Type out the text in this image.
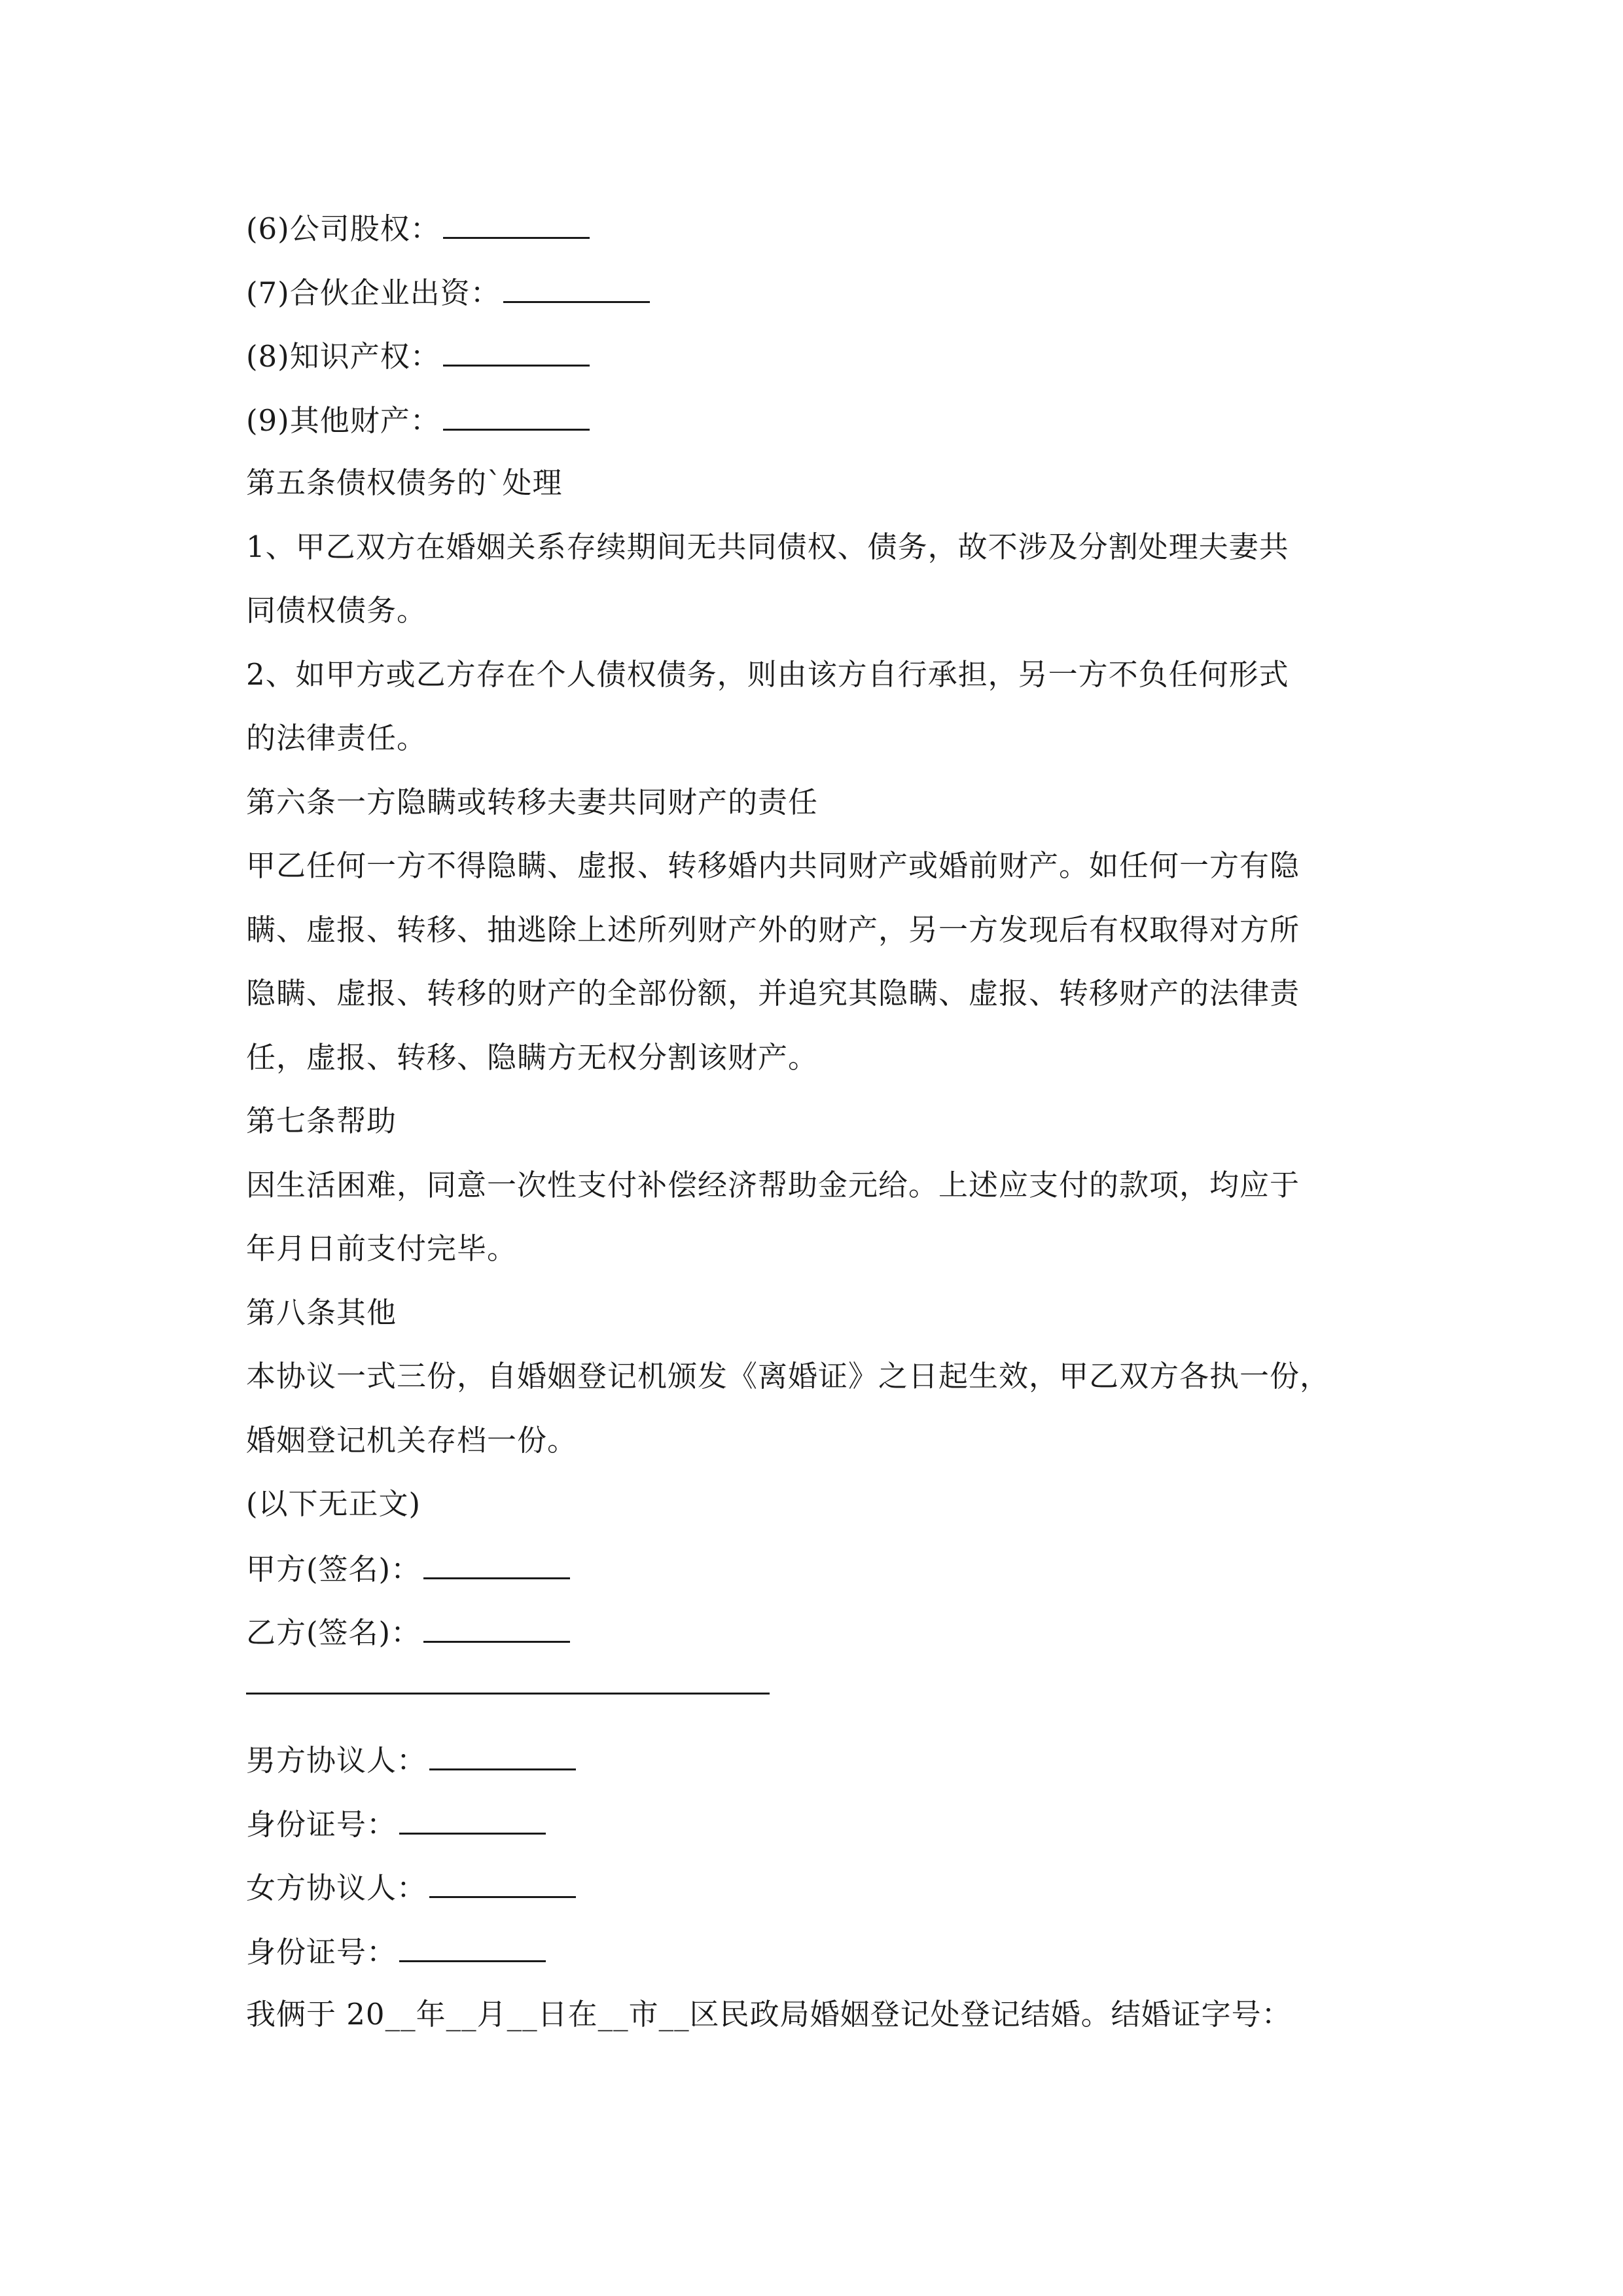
(6)公司股权：
(7)合伙企业出资：
(8)知识产权：
(9)其他财产：
第五条债权债务的`处理
1、甲乙双方在婚姻关系存续期间无共同债权、债务，故不涉及分割处理夫妻共
同债权债务。
2、如甲方或乙方存在个人债权债务，则由该方自行承担，另一方不负任何形式
的法律责任。
第六条一方隐瞒或转移夫妻共同财产的责任
甲乙任何一方不得隐瞒、虚报、转移婚内共同财产或婚前财产。如任何一方有隐
瞒、虚报、转移、抽逃除上述所列财产外的财产，另一方发现后有权取得对方所
隐瞒、虚报、转移的财产的全部份额，并追究其隐瞒、虚报、转移财产的法律责
任，虚报、转移、隐瞒方无权分割该财产。
第七条帮助
因生活困难，同意一次性支付补偿经济帮助金元给。上述应支付的款项，均应于
年月日前支付完毕。
第八条其他
本协议一式三份，自婚姻登记机颁发《离婚证》之日起生效，甲乙双方各执一份，
婚姻登记机关存档一份。
(以下无正文)
甲方(签名)：
乙方(签名)：
男方协议人：
身份证号：
女方协议人：
身份证号：
我俩于 20__年__月__日在__市__区民政局婚姻登记处登记结婚。结婚证字号：
